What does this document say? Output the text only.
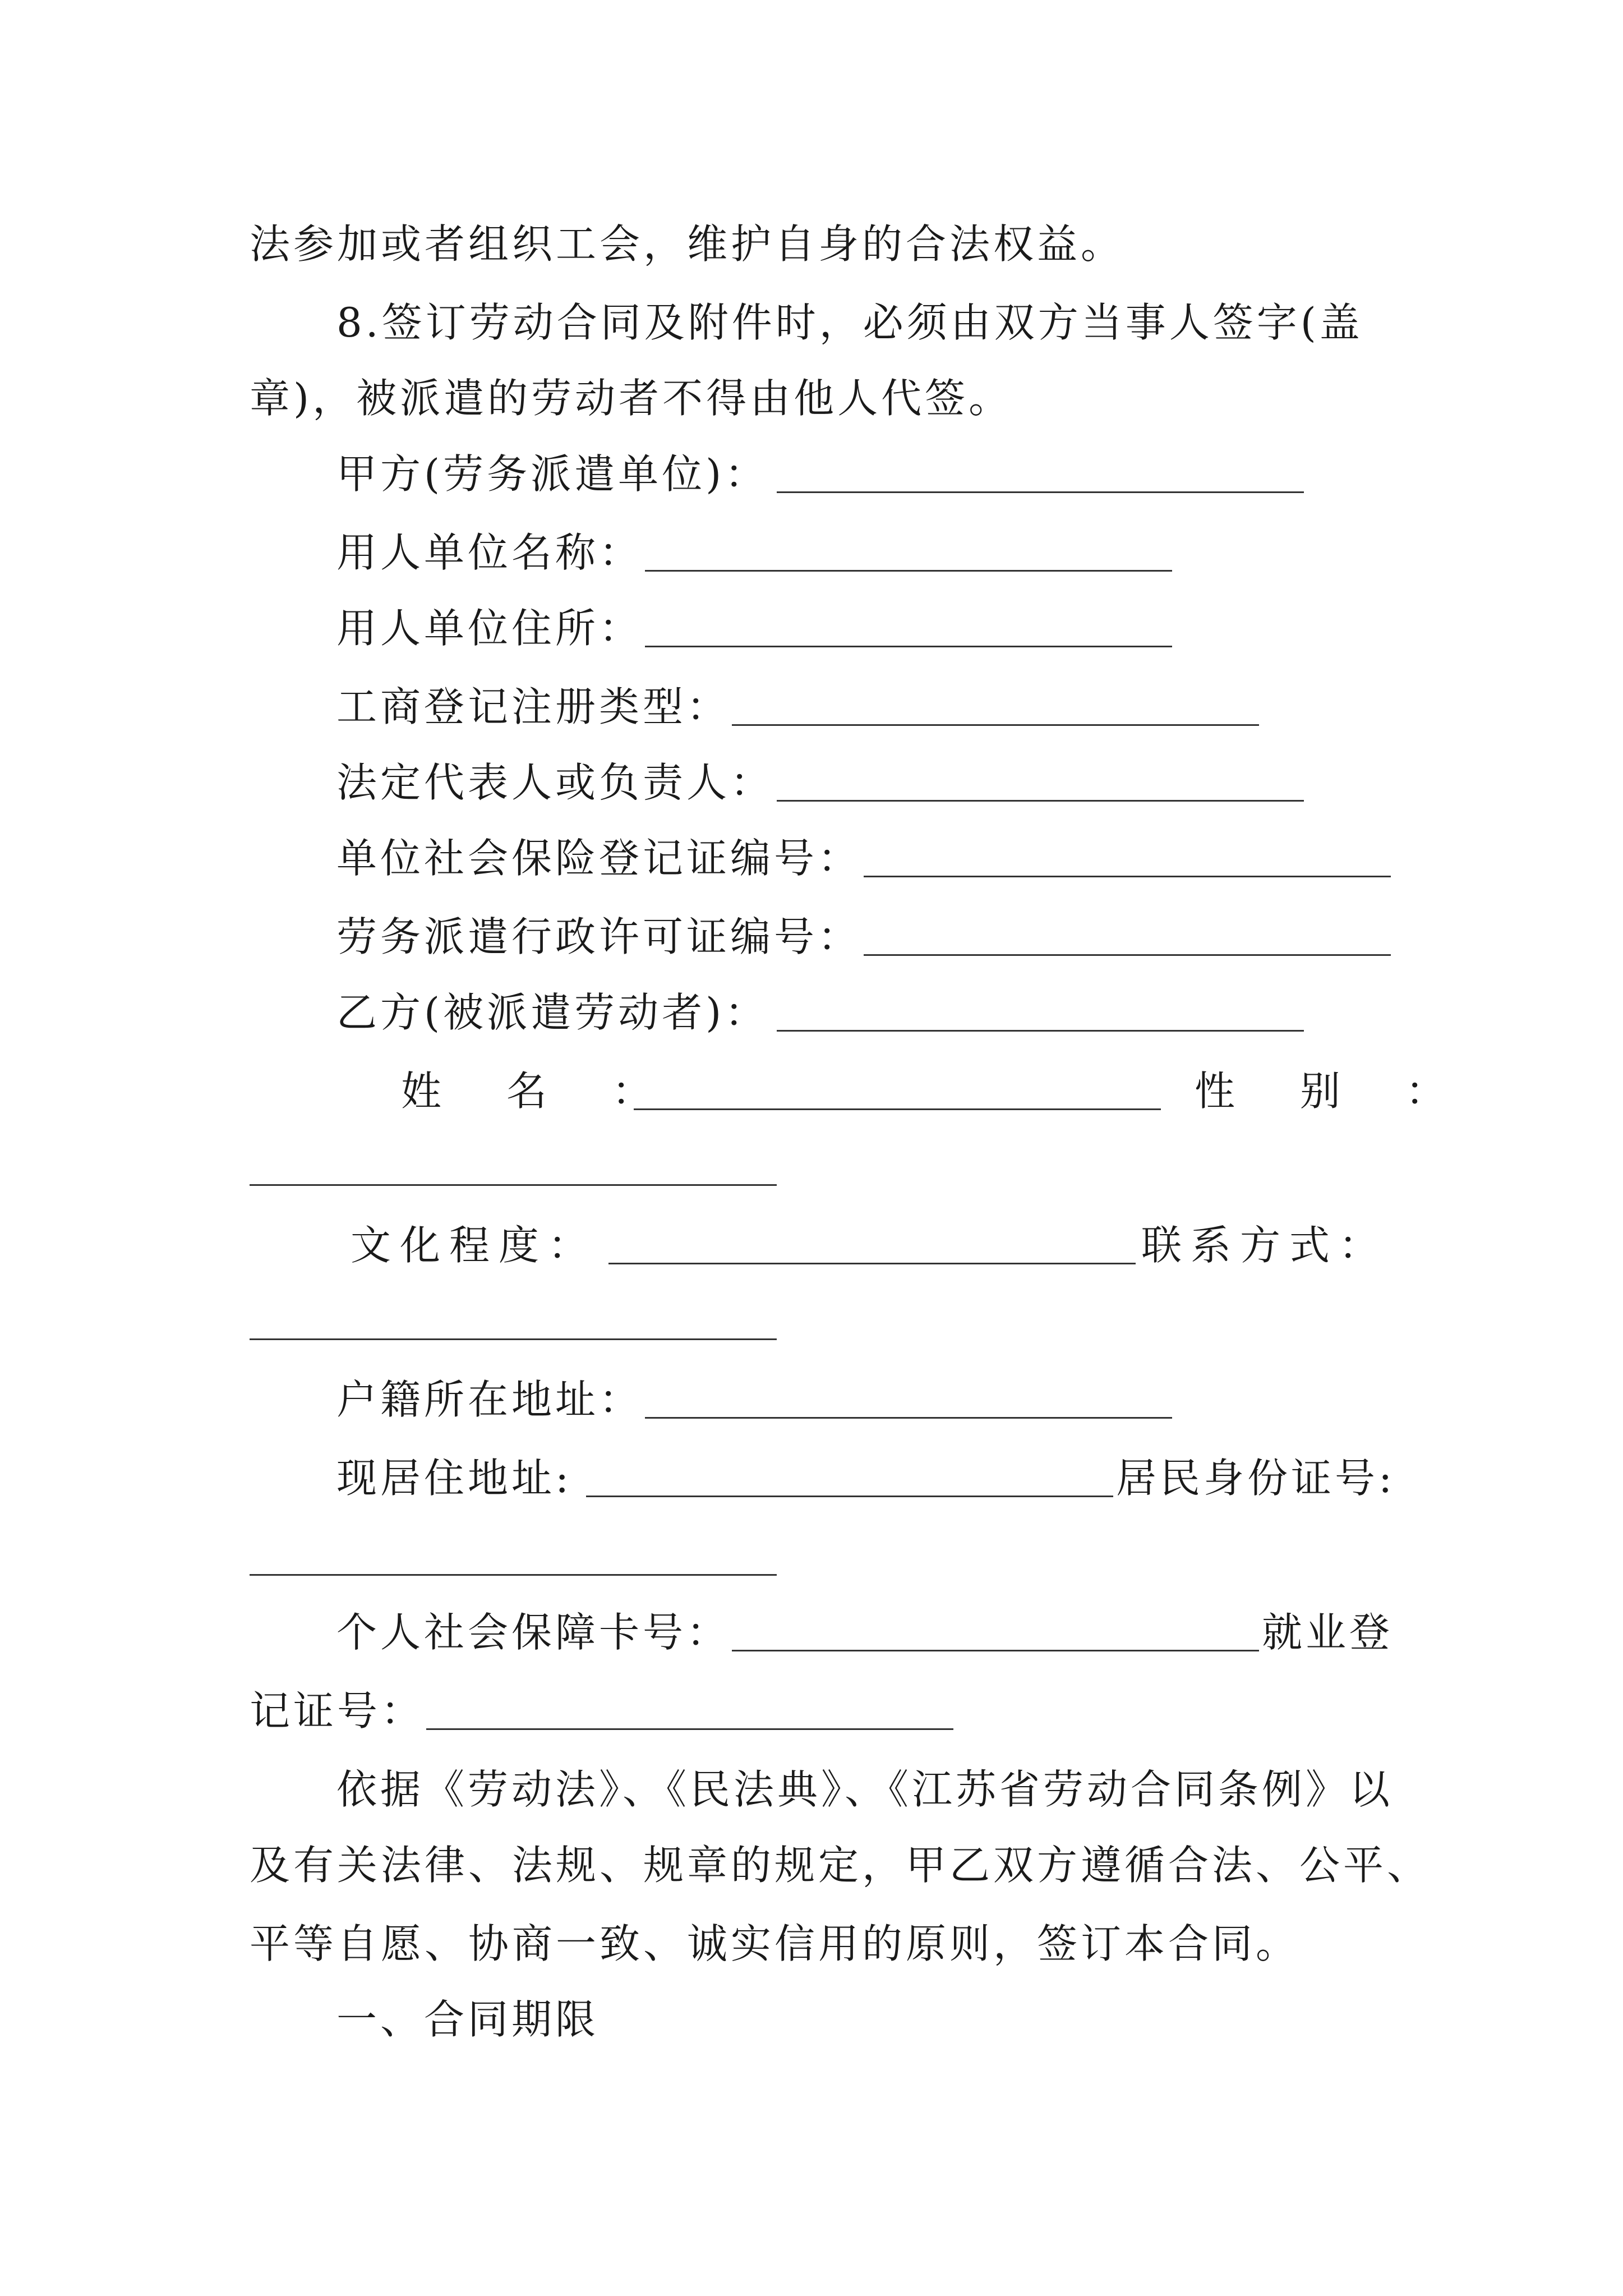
法参加或者组织工会，维护自身的合法权益。
8.签订劳动合同及附件时，必须由双方当事人签字(盖
章)，被派遣的劳动者不得由他人代签。
甲方(劳务派遣单位)：
用人单位名称：
用人单位住所：
工商登记注册类型：
法定代表人或负责人：
单位社会保险登记证编号：
劳务派遣行政许可证编号：
乙方(被派遣劳动者)：
姓　名　：	性　别　：
文化程度：	联系方式：
户籍所在地址：
现居住地址:	居民身份证号:
个人社会保障卡号：	就业登
记证号：
依据《劳动法》、《民法典》、《江苏省劳动合同条例》以
及有关法律、法规、规章的规定，甲乙双方遵循合法、公平、
平等自愿、协商一致、诚实信用的原则，签订本合同。
一、合同期限
